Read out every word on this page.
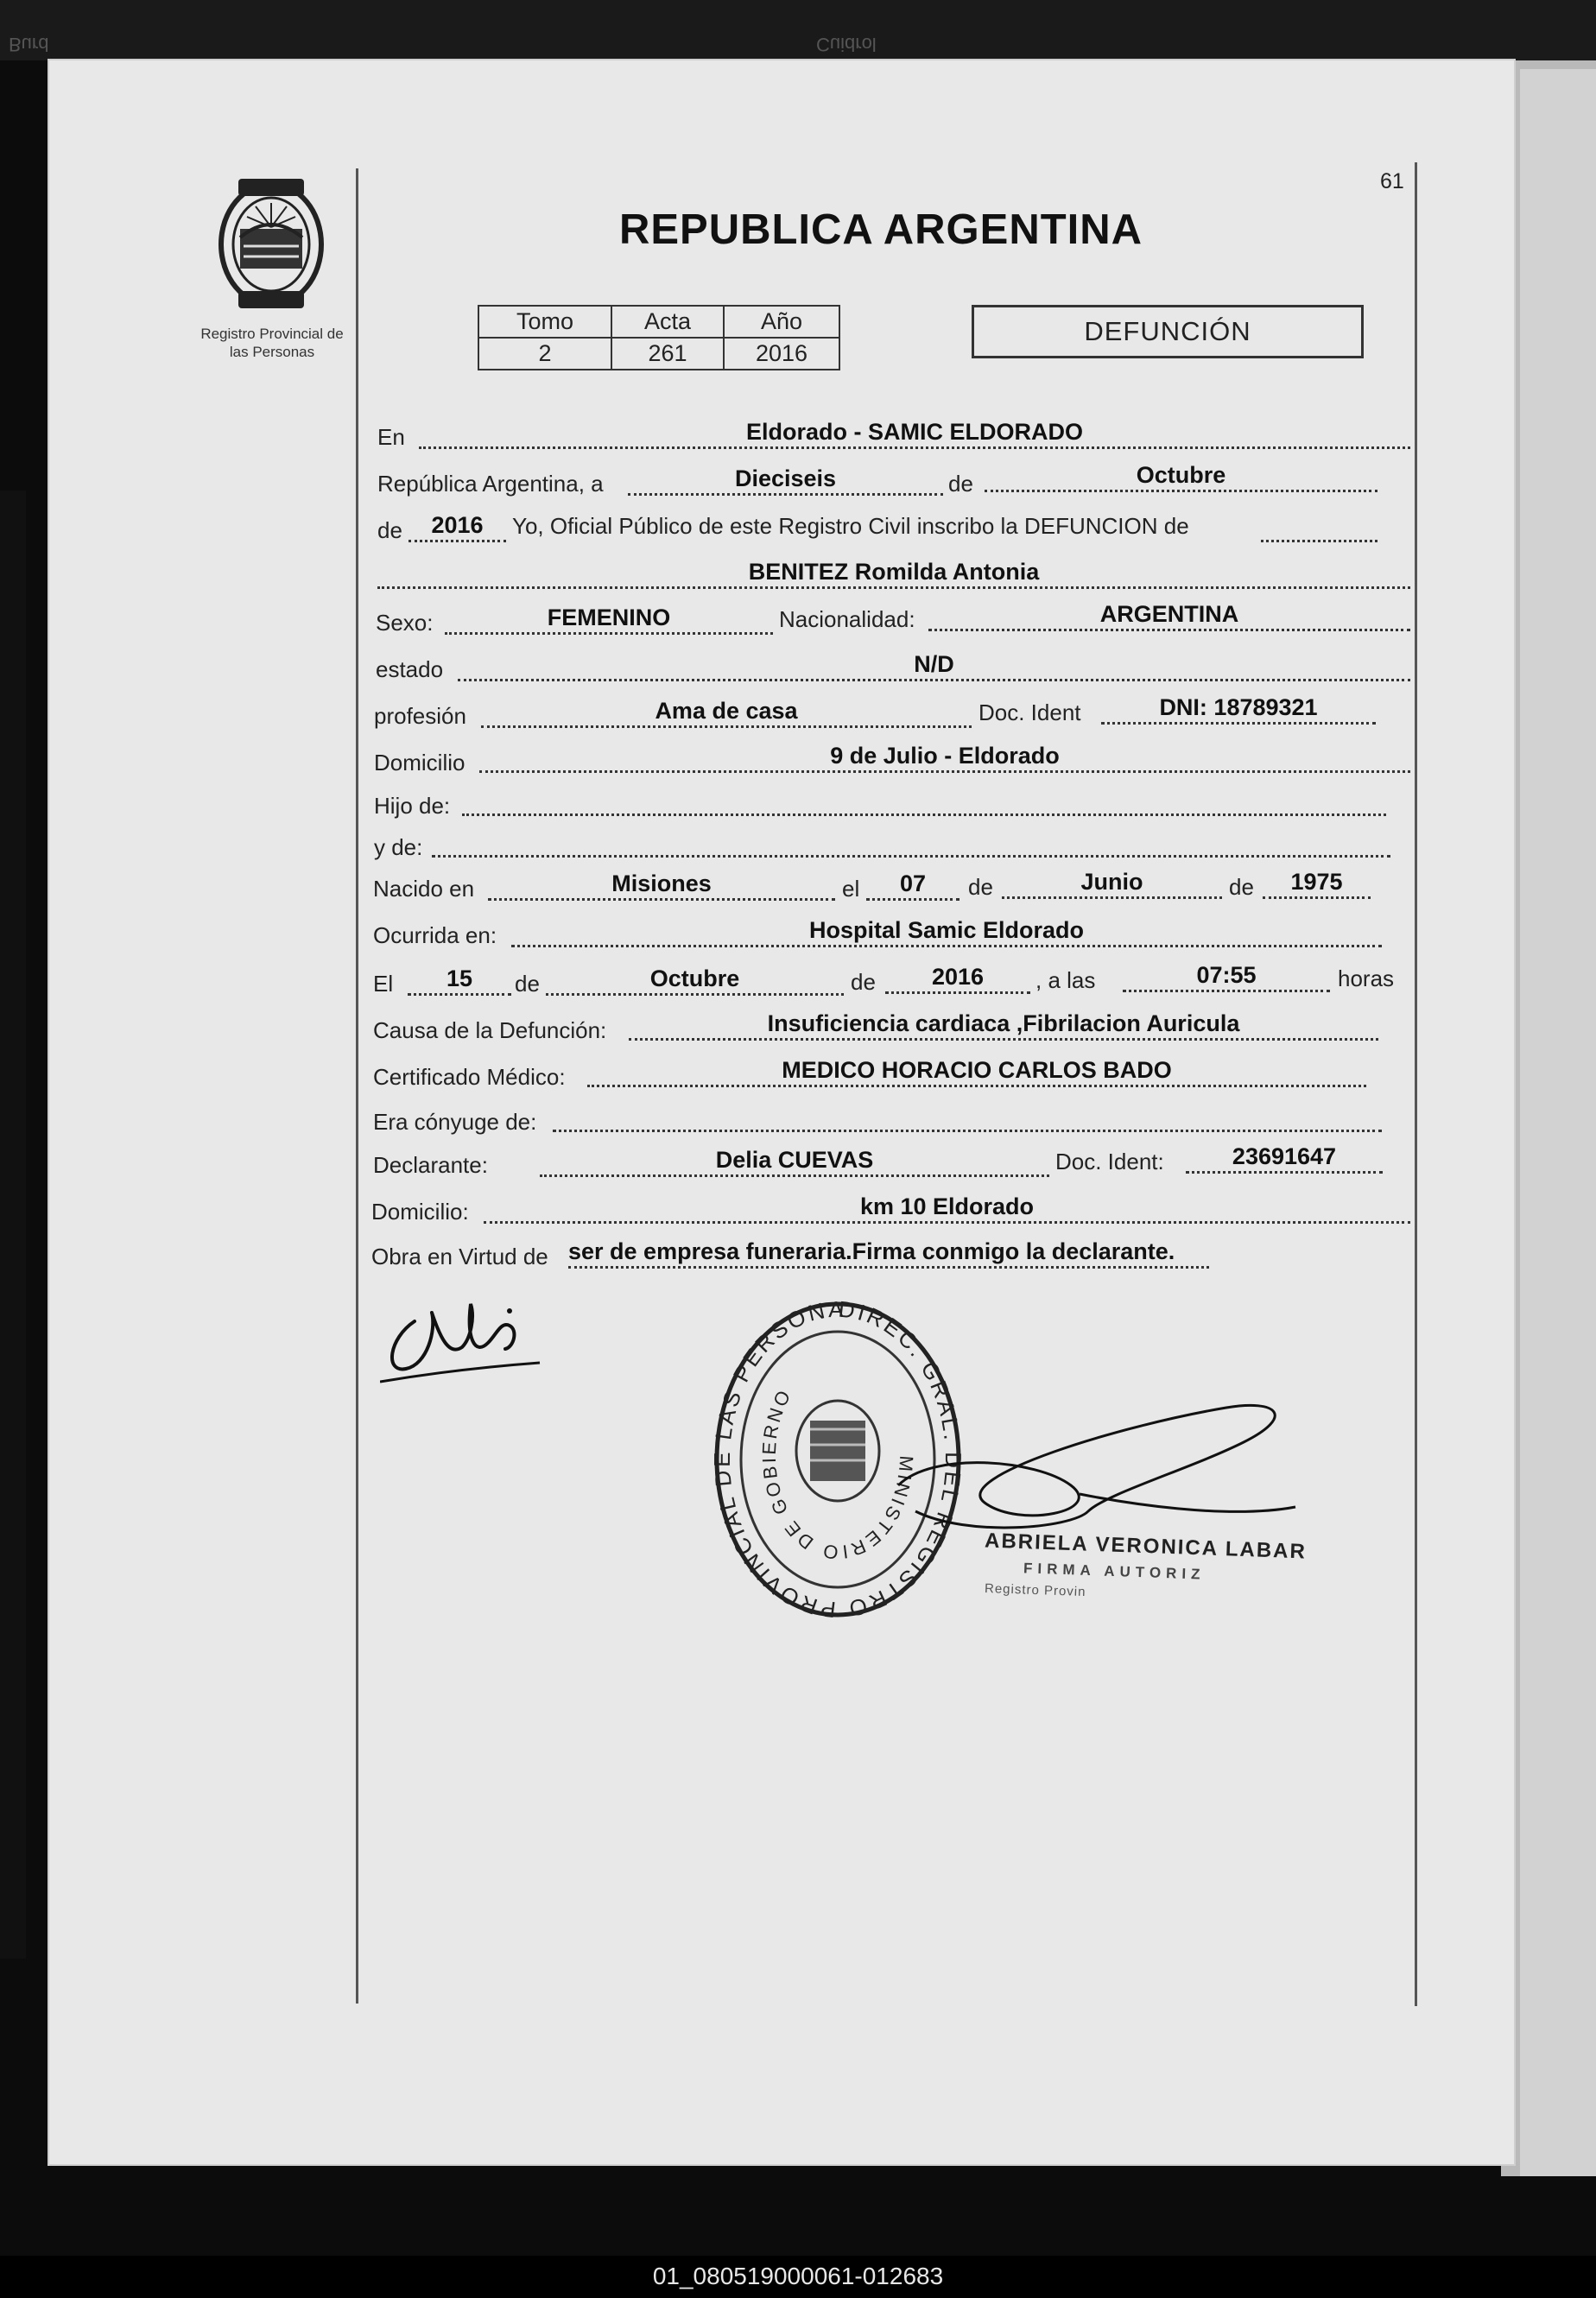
Cuidrol
Burd
61
Registro Provincial de
las Personas
REPUBLICA ARGENTINA
Tomo	Acta	Año
2	261	2016
DEFUNCIÓN
En	Eldorado - SAMIC ELDORADO
República Argentina, a	Dieciseis	de	Octubre
de	2016	Yo, Oficial Público de este Registro Civil inscribo la DEFUNCION de
BENITEZ Romilda Antonia
Sexo:	FEMENINO	Nacionalidad:	ARGENTINA
estado	N/D
profesión	Ama de casa	Doc. Ident	DNI: 18789321
Domicilio	9 de Julio - Eldorado
Hijo de:
y de:
Nacido en	Misiones	el	07	de	Junio	de	1975
Ocurrida en:	Hospital Samic Eldorado
El	15	de	Octubre	de	2016	, a las	07:55	horas
Causa de la Defunción:	Insuficiencia cardiaca ,Fibrilacion Auricula
Certificado Médico:	MEDICO HORACIO CARLOS BADO
Era cónyuge de:
Declarante:	Delia CUEVAS	Doc. Ident:	23691647
Domicilio:	km 10 Eldorado
Obra en Virtud de ser de empresa funeraria.Firma conmigo la declarante.
DIREC. GRAL. DEL REGISTRO PROVINCIAL DE LAS PERSONA
MINISTERIO DE GOBIERNO
ABRIELA VERONICA LABAR
FIRMA AUTORIZ
Registro Provin
01_080519000061-012683
